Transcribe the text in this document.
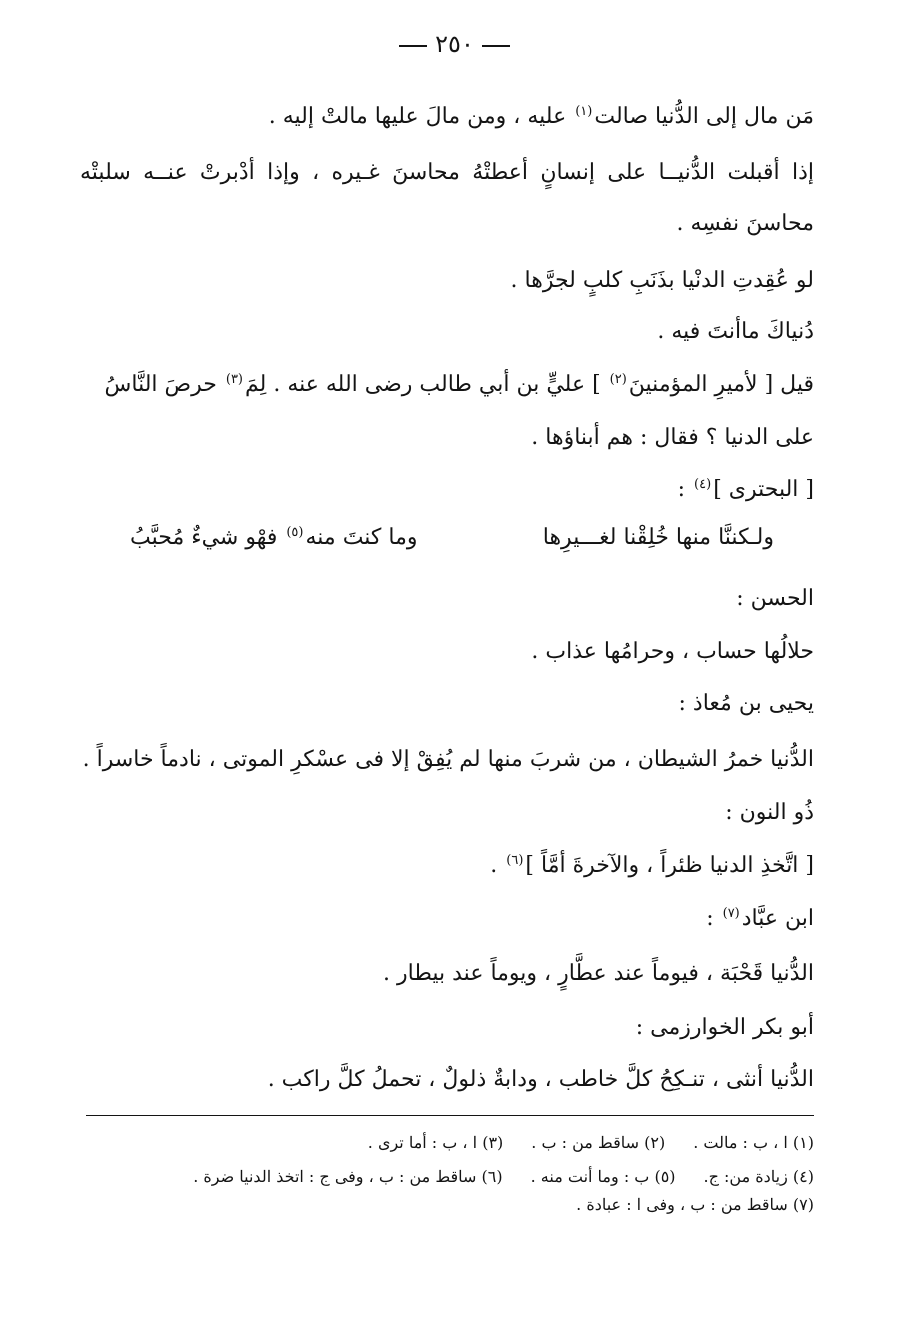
٢٥٠
مَن مال إلى الدُّنيا صالت$^{(١)}$ عليه ، ومن مالَ عليها مالتْ إليه .
إذا أقبلت الدُّنيــا على إنسانٍ أعطتْهُ محاسنَ غـيره ، وإذا أدْبرتْ عنــه سلبتْه
محاسنَ نفسِه .
لو عُقِدتِ الدنْيا بذَنَبِ كلبٍ لجرَّها .
دُنياكَ ماأنتَ فيه .
قيل [ لأميرِ المؤمنينَ$^{(٢)}$ ] عليٍّ بن أبي طالب رضى الله عنه . لِمَ$^{(٣)}$ حرصَ النَّاسُ
على الدنيا ؟ فقال : هم أبناؤها .
[ البحترى ]$^{(٤)}$ :
ولـكننَّا منها خُلِقْنا لغـــيرِها
وما كنتَ منه$^{(٥)}$ فهْو شيءٌ مُحبَّبُ
الحسن :
حلالُها حساب ، وحرامُها عذاب .
يحيى بن مُعاذ :
الدُّنيا خمرُ الشيطان ، من شربَ منها لم يُفِقْ إلا فى عسْكرِ الموتى ، نادماً خاسراً .
ذُو النون :
[ اتَّخذِ الدنيا ظئراً ، والآخرةَ أمَّاً ]$^{(٦)}$ .
ابن عبَّاد$^{(٧)}$ :
الدُّنيا قَحْبَة ، فيوماً عند عطَّارٍ ، ويوماً عند بيطار .
أبو بكر الخوارزمى :
الدُّنيا أنثى ، تنـكِحُ كلَّ خاطب ، ودابةٌ ذلولٌ ، تحملُ كلَّ راكب .
(١) ا ، ب : مالت .
(٢) ساقط من : ب .
(٣) ا ، ب : أما ترى .
(٤) زيادة من: ج.
(٥) ب : وما أنت منه .
(٦) ساقط من : ب ، وفى ج : اتخذ الدنيا ضرة .
(٧) ساقط من : ب ، وفى ا : عبادة .
